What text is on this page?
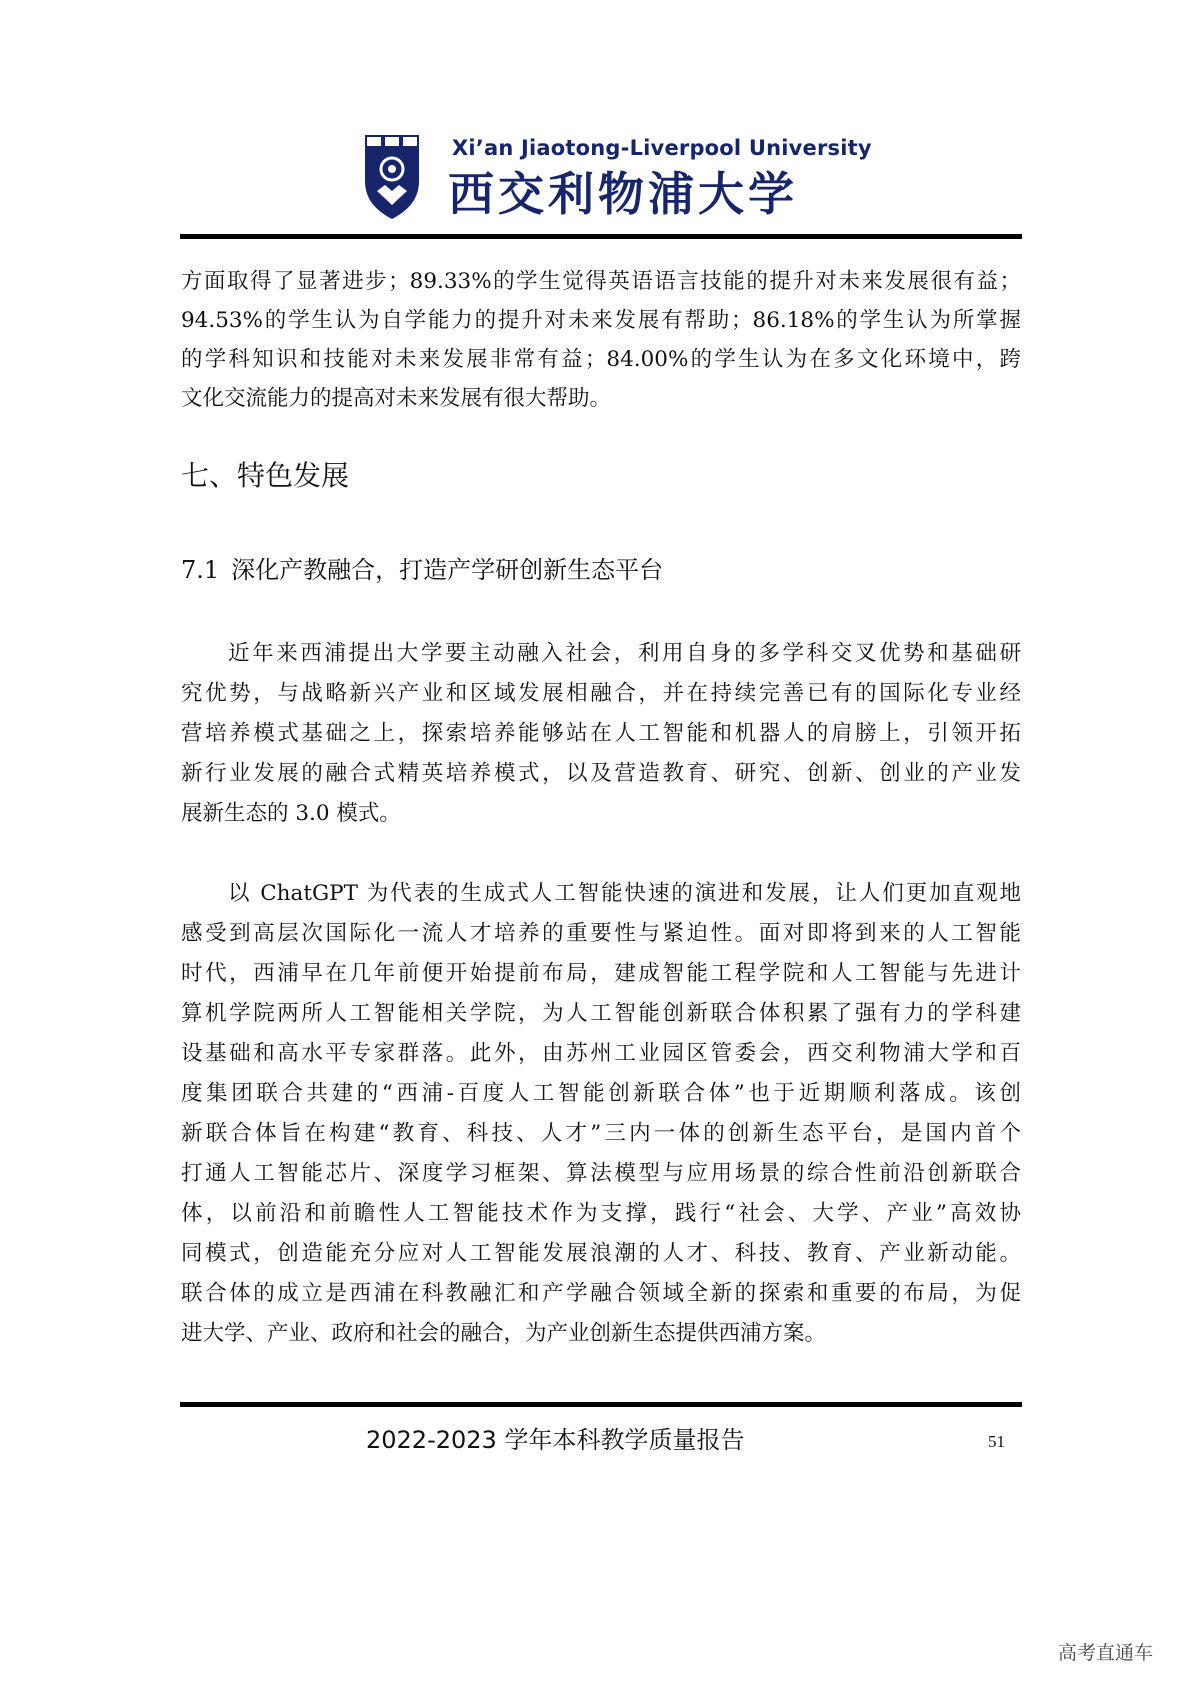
Xi’an Jiaotong-Liverpool University
西交利物浦大学
方面取得了显著进步；89.33%的学生觉得英语语言技能的提升对未来发展很有益；
94.53%的学生认为自学能力的提升对未来发展有帮助；86.18%的学生认为所掌握
的学科知识和技能对未来发展非常有益；84.00%的学生认为在多文化环境中，跨
文化交流能力的提高对未来发展有很大帮助。
七、特色发展
7.1 深化产教融合，打造产学研创新生态平台
近年来西浦提出大学要主动融入社会，利用自身的多学科交叉优势和基础研
究优势，与战略新兴产业和区域发展相融合，并在持续完善已有的国际化专业经
营培养模式基础之上，探索培养能够站在人工智能和机器人的肩膀上，引领开拓
新行业发展的融合式精英培养模式，以及营造教育、研究、创新、创业的产业发
展新生态的 3.0 模式。
以 ChatGPT 为代表的生成式人工智能快速的演进和发展，让人们更加直观地
感受到高层次国际化一流人才培养的重要性与紧迫性。面对即将到来的人工智能
时代，西浦早在几年前便开始提前布局，建成智能工程学院和人工智能与先进计
算机学院两所人工智能相关学院，为人工智能创新联合体积累了强有力的学科建
设基础和高水平专家群落。此外，由苏州工业园区管委会，西交利物浦大学和百
度集团联合共建的“西浦-百度人工智能创新联合体”也于近期顺利落成。该创
新联合体旨在构建“教育、科技、人才”三内一体的创新生态平台，是国内首个
打通人工智能芯片、深度学习框架、算法模型与应用场景的综合性前沿创新联合
体，以前沿和前瞻性人工智能技术作为支撑，践行“社会、大学、产业”高效协
同模式，创造能充分应对人工智能发展浪潮的人才、科技、教育、产业新动能。
联合体的成立是西浦在科教融汇和产学融合领域全新的探索和重要的布局，为促
进大学、产业、政府和社会的融合，为产业创新生态提供西浦方案。
2022-2023 学年本科教学质量报告	51
高考直通车
